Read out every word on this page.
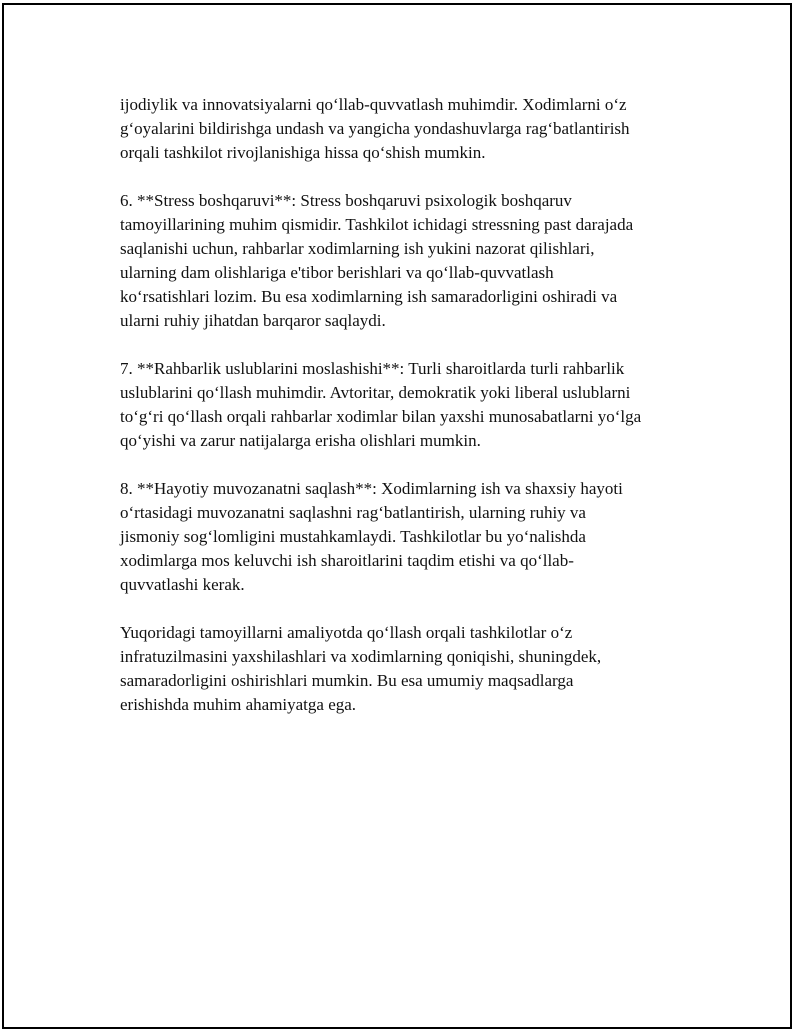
ijodiylik va innovatsiyalarni qo‘llab-quvvatlash muhimdir. Xodimlarni o‘z
g‘oyalarini bildirishga undash va yangicha yondashuvlarga rag‘batlantirish
orqali tashkilot rivojlanishiga hissa qo‘shish mumkin.

6. **Stress boshqaruvi**: Stress boshqaruvi psixologik boshqaruv
tamoyillarining muhim qismidir. Tashkilot ichidagi stressning past darajada
saqlanishi uchun, rahbarlar xodimlarning ish yukini nazorat qilishlari,
ularning dam olishlariga e'tibor berishlari va qo‘llab-quvvatlash
ko‘rsatishlari lozim. Bu esa xodimlarning ish samaradorligini oshiradi va
ularni ruhiy jihatdan barqaror saqlaydi.

7. **Rahbarlik uslublarini moslashishi**: Turli sharoitlarda turli rahbarlik
uslublarini qo‘llash muhimdir. Avtoritar, demokratik yoki liberal uslublarni
to‘g‘ri qo‘llash orqali rahbarlar xodimlar bilan yaxshi munosabatlarni yo‘lga
qo‘yishi va zarur natijalarga erisha olishlari mumkin.

8. **Hayotiy muvozanatni saqlash**: Xodimlarning ish va shaxsiy hayoti
o‘rtasidagi muvozanatni saqlashni rag‘batlantirish, ularning ruhiy va
jismoniy sog‘lomligini mustahkamlaydi. Tashkilotlar bu yo‘nalishda
xodimlarga mos keluvchi ish sharoitlarini taqdim etishi va qo‘llab-
quvvatlashi kerak.

Yuqoridagi tamoyillarni amaliyotda qo‘llash orqali tashkilotlar o‘z
infratuzilmasini yaxshilashlari va xodimlarning qoniqishi, shuningdek,
samaradorligini oshirishlari mumkin. Bu esa umumiy maqsadlarga
erishishda muhim ahamiyatga ega.
